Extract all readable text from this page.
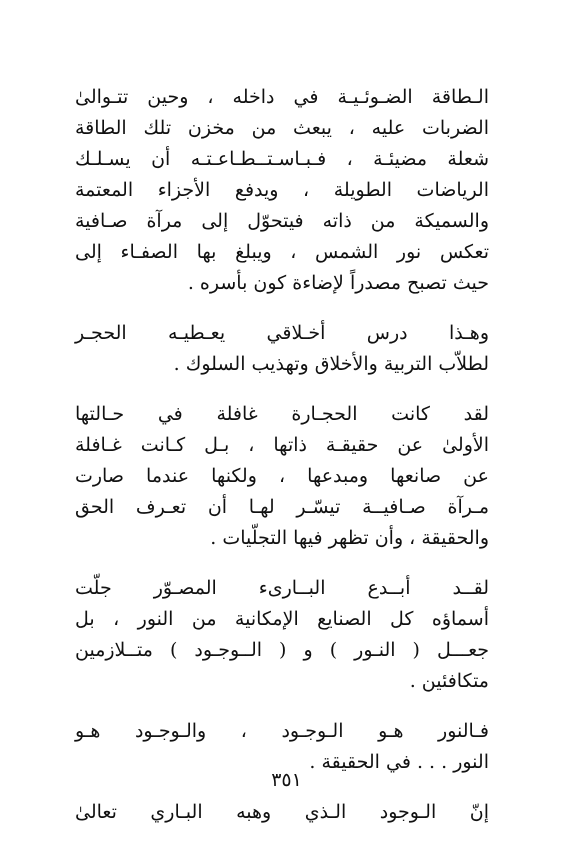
الـطاقة الضـوئـيـة في داخله ، وحين تتـوالىٰ
الضربات عليه ، يبعث من مخزن تلك الطاقة
شعلة مضيئـة ، فـبـاسـتــطـاعـتـه أن يسـلـك
الرياضات الطويلة ، ويدفع الأجزاء المعتمة
والسميكة من ذاته فيتحوّل إلى مرآة صـافية
تعكس نور الشمس ، ويبلغ بها الصفـاء إلى
حيث تصبح مصدراً لإضاءة كون بأسره .
وهـذا درس أخـلاقي يعـطيـه الحجـر
لطلاّب التربية والأخلاق وتهذيب السلوك .
لقد كانت الحجـارة غافلة في حـالتها
الأولىٰ عن حقيقـة ذاتها ، بـل كـانت غـافلة
عن صانعها ومبدعها ، ولكنها عندما صارت
مـرآة صـافيــة تيسّـر لهـا أن تعـرف الحق
والحقيقة ، وأن تظهر فيها التجلّيات .
لقــد أبــدع البــارىء المصـوّر جلّت
أسماؤه كل الصنايع الإمكانية من النور ، بل
جعـــل ( النـور ) و ( الــوجـود ) متــلازمين
متكافئين .
فـالنور هـو الـوجـود ، والـوجـود هـو
النور . . . في الحقيقة .
إنّ الـوجود الـذي وهبه البـاري تعالىٰ
٣٥١
